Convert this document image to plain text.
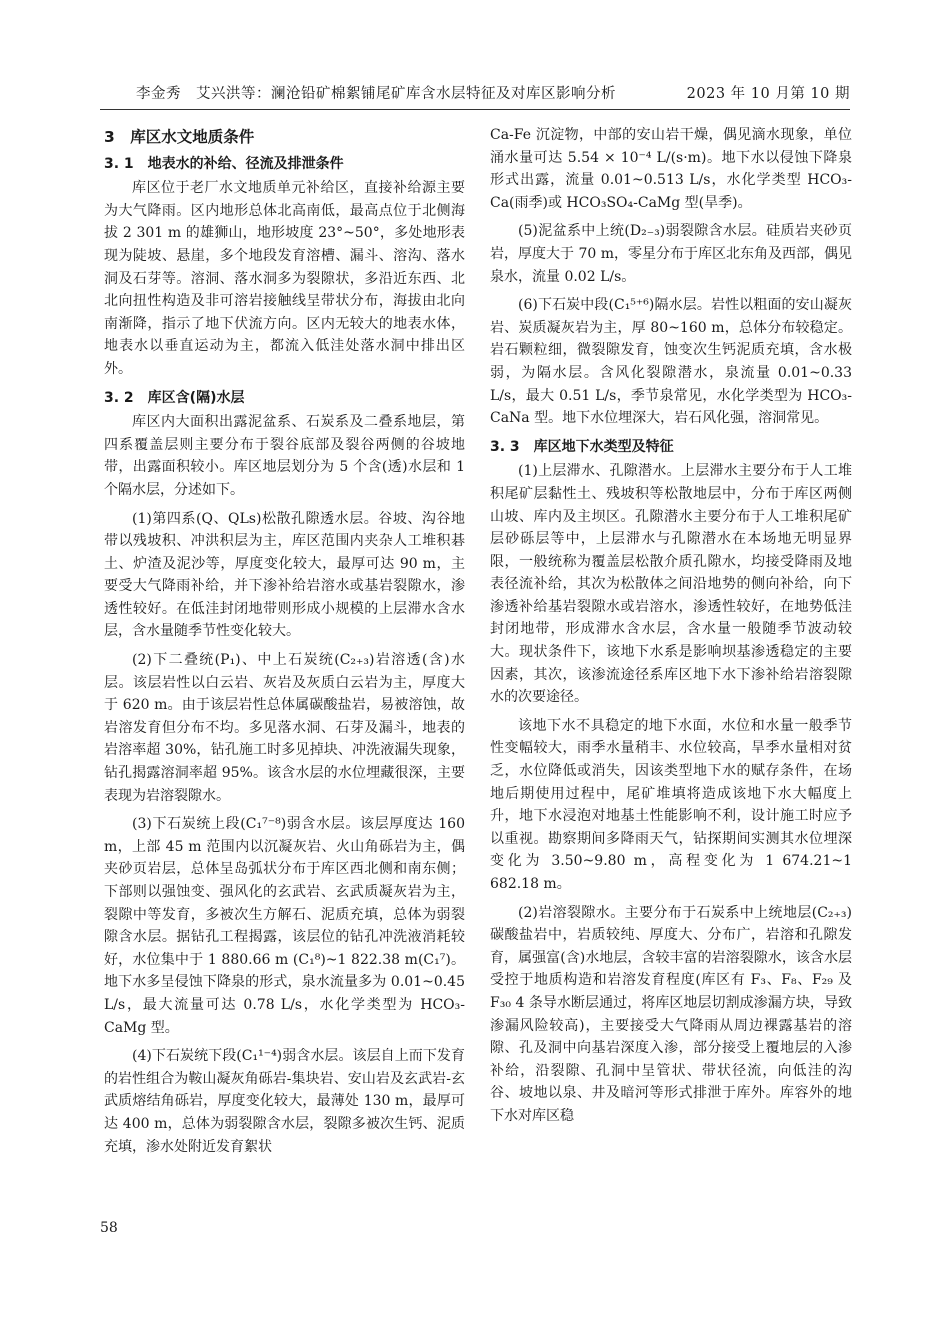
李金秀　艾兴洪等：澜沧铅矿棉絮铺尾矿库含水层特征及对库区影响分析	2023 年 10 月第 10 期
3　库区水文地质条件
3. 1　地表水的补给、径流及排泄条件

库区位于老厂水文地质单元补给区，直接补给源主要为大气降雨。区内地形总体北高南低，最高点位于北侧海拔 2 301 m 的雄狮山，地形坡度 23°~50°，多处地形表现为陡坡、悬崖，多个地段发育溶槽、漏斗、溶沟、落水洞及石芽等。溶洞、落水洞多为裂隙状，多沿近东西、北北向扭性构造及非可溶岩接触线呈带状分布，海拔由北向南渐降，指示了地下伏流方向。区内无较大的地表水体，地表水以垂直运动为主，都流入低洼处落水洞中排出区外。

3. 2　库区含(隔)水层

库区内大面积出露泥盆系、石炭系及二叠系地层，第四系覆盖层则主要分布于裂谷底部及裂谷两侧的谷坡地带，出露面积较小。库区地层划分为 5 个含(透)水层和 1 个隔水层，分述如下。

(1)第四系(Q、QLs)松散孔隙透水层。谷坡、沟谷地带以残坡积、冲洪积层为主，库区范围内夹杂人工堆积碁土、炉渣及泥沙等，厚度变化较大，最厚可达 90 m，主要受大气降雨补给，并下渗补给岩溶水或基岩裂隙水，渗透性较好。在低洼封闭地带则形成小规模的上层滞水含水层，含水量随季节性变化较大。

(2)下二叠统(P₁)、中上石炭统(C₂₊₃)岩溶透(含)水层。该层岩性以白云岩、灰岩及灰质白云岩为主，厚度大于 620 m。由于该层岩性总体属碳酸盐岩，易被溶蚀，故岩溶发育但分布不均。多见落水洞、石芽及漏斗，地表的岩溶率超 30%，钻孔施工时多见掉块、冲洗液漏失现象，钻孔揭露溶洞率超 95%。该含水层的水位埋藏很深，主要表现为岩溶裂隙水。

(3)下石炭统上段(C₁⁷⁻⁸)弱含水层。该层厚度达 160 m，上部 45 m 范围内以沉凝灰岩、火山角砾岩为主，偶夹砂页岩层，总体呈岛弧状分布于库区西北侧和南东侧；下部则以强蚀变、强风化的玄武岩、玄武质凝灰岩为主，裂隙中等发育，多被次生方解石、泥质充填，总体为弱裂隙含水层。据钻孔工程揭露，该层位的钻孔冲洗液消耗较好，水位集中于 1 880.66 m (C₁⁸)~1 822.38 m(C₁⁷)。地下水多呈侵蚀下降泉的形式，泉水流量多为 0.01~0.45 L/s，最大流量可达 0.78 L/s，水化学类型为 HCO₃-CaMg 型。

(4)下石炭统下段(C₁¹⁻⁴)弱含水层。该层自上而下发育的岩性组合为鞍山凝灰角砾岩-集块岩、安山岩及玄武岩-玄武质熔结角砾岩，厚度变化较大，最薄处 130 m，最厚可达 400 m，总体为弱裂隙含水层，裂隙多被次生钙、泥质充填，渗水处附近发育絮状

Ca-Fe 沉淀物，中部的安山岩干燥，偶见滴水现象，单位涌水量可达 5.54 × 10⁻⁴ L/(s·m)。地下水以侵蚀下降泉形式出露，流量 0.01~0.513 L/s，水化学类型 HCO₃-Ca(雨季)或 HCO₃SO₄-CaMg 型(旱季)。

(5)泥盆系中上统(D₂₋₃)弱裂隙含水层。硅质岩夹砂页岩，厚度大于 70 m，零星分布于库区北东角及西部，偶见泉水，流量 0.02 L/s。

(6)下石炭中段(C₁⁵⁺⁶)隔水层。岩性以粗面的安山凝灰岩、炭质凝灰岩为主，厚 80~160 m，总体分布较稳定。岩石颗粒细，微裂隙发育，蚀变次生钙泥质充填，含水极弱，为隔水层。含风化裂隙潜水，泉流量 0.01~0.33 L/s，最大 0.51 L/s，季节泉常见，水化学类型为 HCO₃-CaNa 型。地下水位埋深大，岩石风化强，溶洞常见。

3. 3　库区地下水类型及特征

(1)上层滞水、孔隙潜水。上层滞水主要分布于人工堆积尾矿层黏性土、残坡积等松散地层中，分布于库区两侧山坡、库内及主坝区。孔隙潜水主要分布于人工堆积尾矿层砂砾层等中，上层滞水与孔隙潜水在本场地无明显界限，一般统称为覆盖层松散介质孔隙水，均接受降雨及地表径流补给，其次为松散体之间沿地势的侧向补给，向下渗透补给基岩裂隙水或岩溶水，渗透性较好，在地势低洼封闭地带，形成滞水含水层，含水量一般随季节波动较大。现状条件下，该地下水系是影响坝基渗透稳定的主要因素，其次，该渗流途径系库区地下水下渗补给岩溶裂隙水的次要途径。

该地下水不具稳定的地下水面，水位和水量一般季节性变幅较大，雨季水量稍丰、水位较高，旱季水量相对贫乏，水位降低或消失，因该类型地下水的赋存条件，在场地后期使用过程中，尾矿堆填将造成该地下水大幅度上升，地下水浸泡对地基土性能影响不利，设计施工时应予以重视。勘察期间多降雨天气，钻探期间实测其水位埋深变化为 3.50~9.80 m，高程变化为 1 674.21~1 682.18 m。

(2)岩溶裂隙水。主要分布于石炭系中上统地层(C₂₊₃)碳酸盐岩中，岩质较纯、厚度大、分布广，岩溶和孔隙发育，属强富(含)水地层，含较丰富的岩溶裂隙水，该含水层受控于地质构造和岩溶发育程度(库区有 F₃、F₈、F₂₉ 及 F₃₀ 4 条导水断层通过，将库区地层切割成渗漏方块，导致渗漏风险较高)，主要接受大气降雨从周边裸露基岩的溶隙、孔及洞中向基岩深度入渗，部分接受上覆地层的入渗补给，沿裂隙、孔洞中呈管状、带状径流，向低洼的沟谷、坡地以泉、井及暗河等形式排泄于库外。库容外的地下水对库区稳

58
